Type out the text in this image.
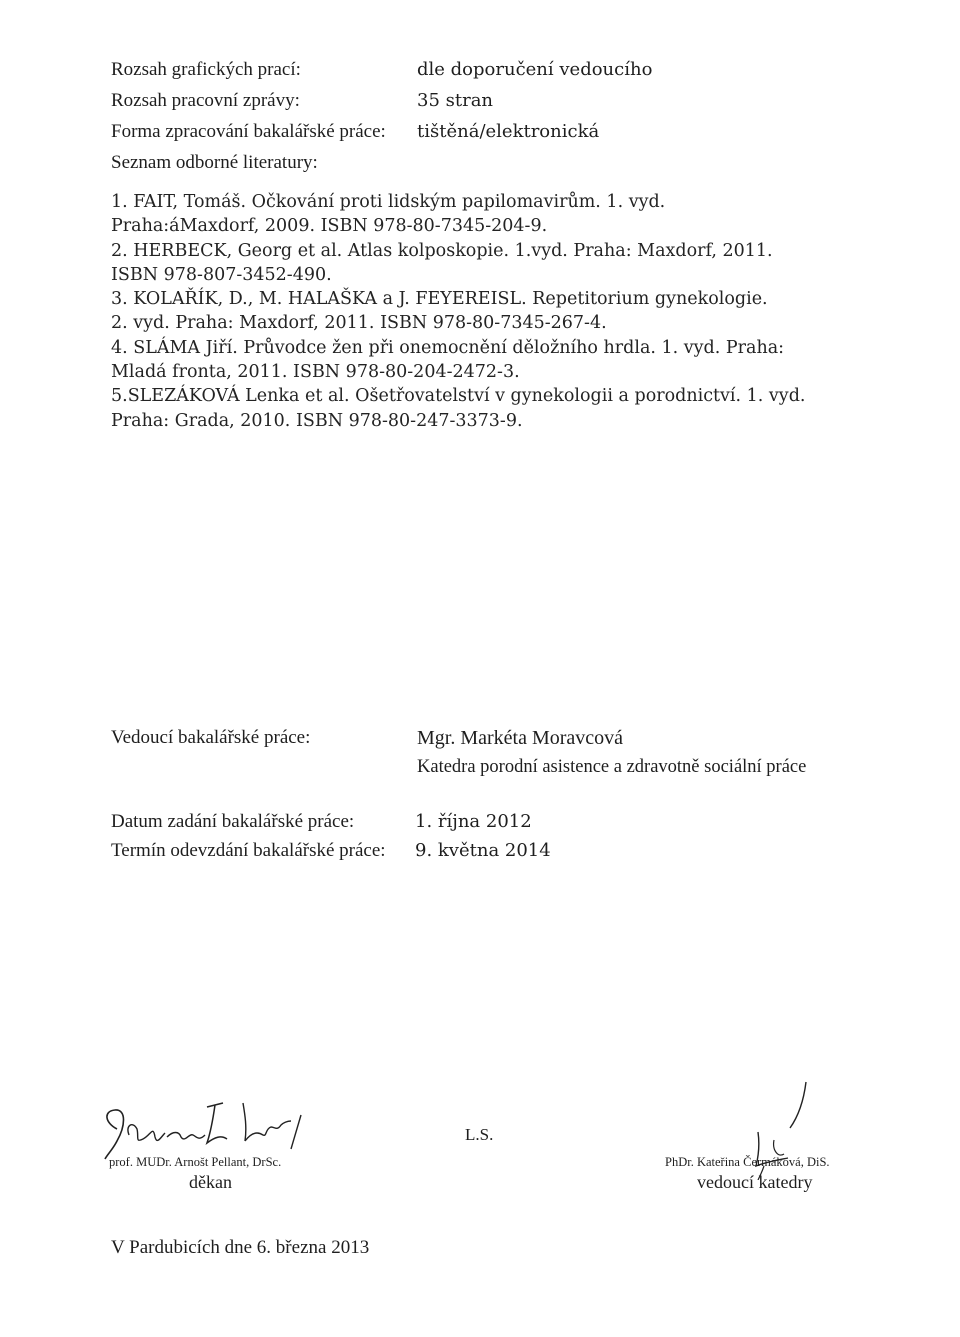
Rozsah grafických prací:	dle doporučení vedoucího
Rozsah pracovní zprávy:	35 stran
Forma zpracování bakalářské práce: tištěná/elektronická
Seznam odborné literatury:
1. FAIT, Tomáš. Očkování proti lidským papilomavirům. 1. vyd.
Praha:áMaxdorf, 2009. ISBN 978-80-7345-204-9.
2. HERBECK, Georg et al. Atlas kolposkopie. 1.vyd. Praha: Maxdorf, 2011.
ISBN 978-807-3452-490.
3. KOLAŘÍK, D., M. HALAŠKA a J. FEYEREISL. Repetitorium gynekologie.
2. vyd. Praha: Maxdorf, 2011. ISBN 978-80-7345-267-4.
4. SLÁMA Jiří. Průvodce žen při onemocnění děložního hrdla. 1. vyd. Praha:
Mladá fronta, 2011. ISBN 978-80-204-2472-3.
5.SLEZÁKOVÁ Lenka et al. Ošetřovatelství v gynekologii a porodnictví. 1. vyd.
Praha: Grada, 2010. ISBN 978-80-247-3373-9.
Vedoucí bakalářské práce:	Mgr. Markéta Moravcová
Katedra porodní asistence a zdravotně sociální práce
Datum zadání bakalářské práce:	1. října 2012
Termín odevzdání bakalářské práce: 9. května 2014
prof. MUDr. Arnošt Pellant, DrSc.
děkan
L.S.
PhDr. Kateřina Čermáková, DiS.
vedoucí katedry
V Pardubicích dne 6. března 2013
